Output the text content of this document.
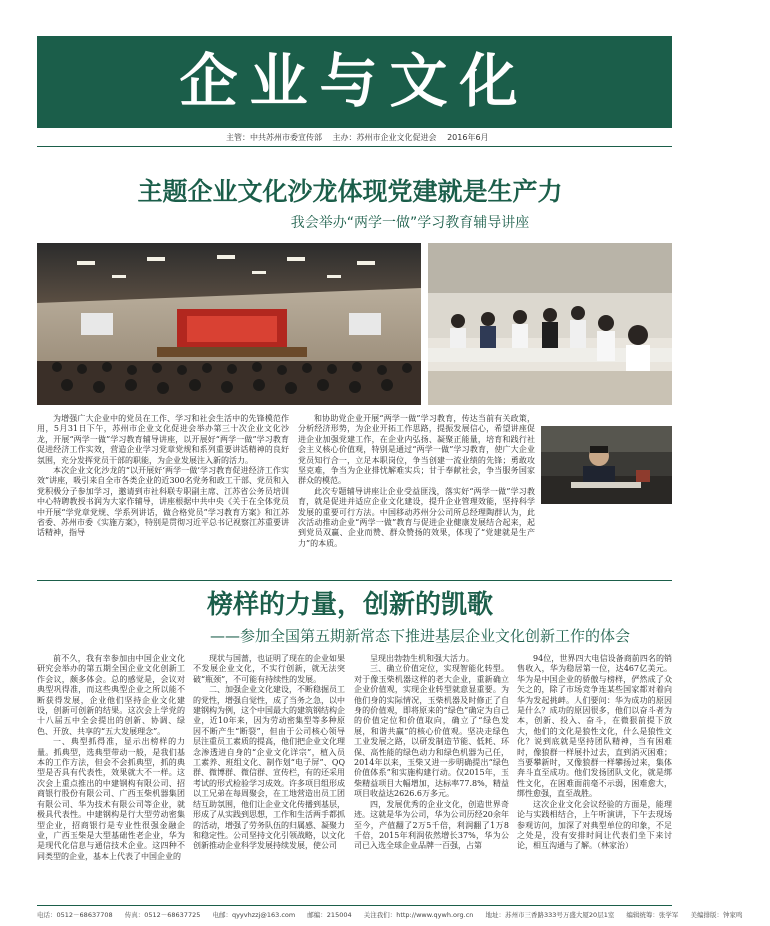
企业与文化
主管：中共苏州市委宣传部 主办：苏州市企业文化促进会 2016年6月
主题企业文化沙龙体现党建就是生产力
我会举办“两学一做”学习教育辅导讲座

为增强广大企业中的党员在工作、学习和社会生活中的先锋模范作用，5月31日下午，苏州市企业文化促进会举办第三十次企业文化沙龙，开展“两学一做”学习教育辅导讲座，以开展好“两学一做”学习教育促进经济工作实效，营造企业学习党章党规和系列重要讲话精神的良好氛围，充分发挥党员干部的职能，为企业发展注入新的活力。

本次企业文化沙龙的“以开展好‘两学一做’学习教育促进经济工作实效”讲座，吸引来自全市各类企业的近300名党务和政工干部、党员和入党积极分子参加学习，邀请到市社科联专职副主席、江苏省公务员培训中心特聘教授书润为大家作辅导，讲座根据中共中央《关于在全体党员中开展“学党章党规、学系列讲话，做合格党员”学习教育方案》和江苏省委、苏州市委《实施方案》，特别是贯彻习近平总书记视察江苏重要讲话精神，指导

和协助党企业开展“两学一做”学习教育，传达当前有关政策，分析经济形势，为企业开拓工作思路，提振发展信心，希望讲座促进企业加强党建工作，在企业内弘扬、凝聚正能量，培育和践行社会主义核心价值观，特别是通过“两学一做”学习教育，使广大企业党员知行合一，立足本职岗位，争当创建一流业绩的先锋；勇敢攻坚克难，争当为企业排忧解难实兵；甘于奉献社会，争当服务国家群众的模范。

此次专题辅导讲座让企业受益匪浅，落实好“两学一做”学习教育，就是促进并适应企业文化建设，提升企业管理效能，坚持科学发展的重要可行方法。中国移动苏州分公司所总经理陶群认为，此次活动推动企业“两学一做”教育与促进企业健康发展结合起来，起到党员双赢、企业而赞、群众赞扬的效果，体现了“党建就是生产力”的本质。

榜样的力量，创新的凯歌
——参加全国第五期新常态下推进基层企业文化创新工作的体会

前不久，我有幸参加由中国企业文化研究会举办的第五期全国企业文化创新工作会议，颇多体会。总的感觉是，会议对典型巩得准，而这些典型企业之所以能不断获得发展，企业他们坚持企业文化建设，创新可创新的结果。这次会上学党的十八届五中全会提出的创新、协调、绿色、开放、共享的“五大发展理念”。

一、典型抓得准，显示出榜样的力量。抓典型，选典型带动一般，是我们基本的工作方法，但会不会抓典型，抓的典型是否具有代表性，效果就大不一样。这次会上重点推出的中建钢构有限公司、招商银行股份有限公司、广西玉柴机器集团有限公司、华为技术有限公司等企业，就极具代表性。中建钢构是行大型劳动密集型企业，招商银行是专业性很强金融企业，广西玉柴是大型基础性老企业，华为是现代化信息与通信技术企业。这四种不同类型的企业，基本上代表了中国企业的

现状与国蔷，也证明了现在的企业如果不发展企业文化，不实行创新，就无法突破“瓶颈”，不可能有持续性的发展。

二、加强企业文化建设，不断稳掘员工的党性，增强自觉性，成了当务之急，以中建钢构为例，这个中国最大的建筑钢结构企业，近10年来，因为劳动密集型等多种原因不断产生“断裂”，但由于公司核心领导层注重员工素质的提高，他们把企业文化理念渗透进自身的“企业文化详宗”，植入员工素养、班组文化、制作划“电子屏”、QQ群、微博群、微信群、宣传栏，有的还采用考试的形式检验学习成效。许多项目组形成以工兄弟在每周聚会，在工地营造出员工团结互助氛围，他们让企业文化传播到基层，形成了从实践到思想，工作和生活两手都抓的活动，增强了劳务队伍的归属感、凝聚力和稳定性。公司坚持文化引领战略，以文化创新推动企业科学发展持续发展，使公司

呈现出勃勃生机和强大活力。

三、确立价值定位，实现智能化转型。对于像玉柴机器这样的老大企业，重新确立企业价值观，实现企业转型就意显重要。为他们身的实际情况，玉柴机器及时修正了自身的价值观，即将原来的“绿色”确定为自己的价值定位和价值取向，确立了“绿色发展，和谐共赢”的核心价值观。坚决走绿色工业发展之路，以研发制造节能、低耗、环保、高性能的绿色动力和绿色机器为己任，2014年以来，玉柴又进一步明确提出“绿色价值体系”和实施构建行动。仅2015年，玉柴精益项目大幅增加，达标率77.8%，精益项目收益达2626.6万多元。

四，发展优秀的企业文化，创造世界奇迹。这就是华为公司，华为公司历经20余年至今，产值翻了2万5千倍，利润翻了1万8千倍，2015年利润依然增长37%，华为公司已入选全球企业品牌一百强，占第

94位，世界四大电信设备商前四名的销售收入，华为稳居第一位，达467亿美元。华为是中国企业的骄傲与榜样，俨然成了众矢之的，除了市场竞争连某些国家都对着向华为发起挑衅。人们要问：华为成功的原因是什么？成功的原因很多，他们以奋斗者为本，创新、投入、奋斗，在微狠前提下放大，他们的文化是狼性文化，什么是狼性文化？说到底就是坚持团队精神，当有困难时，像狼群一样展扑过去，直到消灭困难；当要攀新时，又像狼群一样攀扬过来，集体奔斗直至成功。他们发扬团队文化，就是绑性文化，在困难面前毫不示弱，困难愈大，绑性愈强，直至战胜。

这次企业文化会议经验的方面是，能理论与实践相结合，上午听演讲，下午去现场参观访问，加深了对典型单位的印象，不足之处是，没有安排时间让代表们坐下来讨论，相互沟通与了解。（林家治）

电话：0512－68637708 传真：0512－68637725 电邮：qyyvhzzj@163.com 邮编：215004 关注我们：http://www.qywh.org.cn 地址：苏州市三香路333号万盛大厦20层1室 编辑统筹：张学军 美编排版：钟家鸣
